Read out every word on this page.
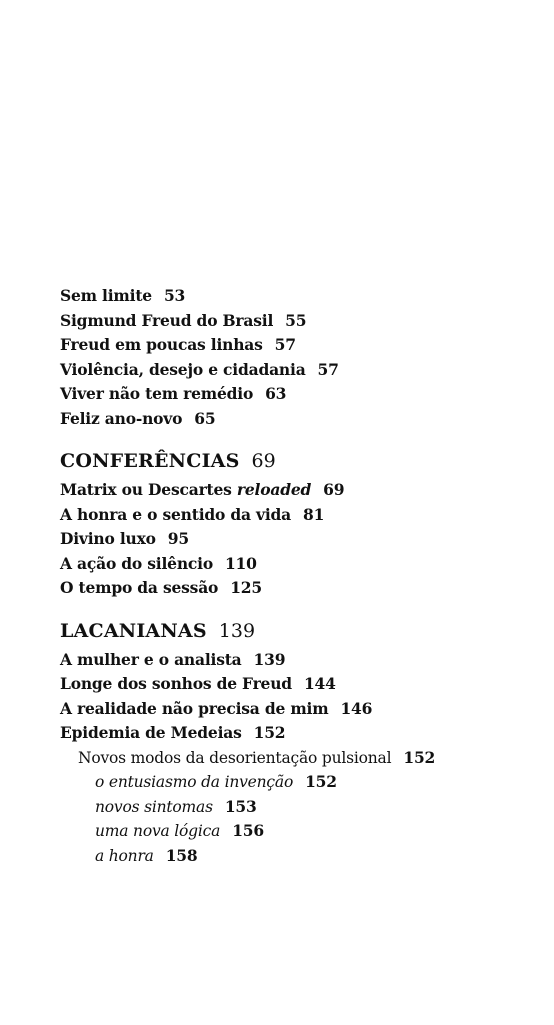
Sem limite 53
Sigmund Freud do Brasil 55
Freud em poucas linhas 57
Violência, desejo e cidadania 57
Viver não tem remédio 63
Feliz ano-novo 65
CONFERÊNCIAS 69
Matrix ou Descartes reloaded 69
A honra e o sentido da vida 81
Divino luxo 95
A ação do silêncio 110
O tempo da sessão 125
LACANIANAS 139
A mulher e o analista 139
Longe dos sonhos de Freud 144
A realidade não precisa de mim 146
Epidemia de Medeias 152
Novos modos da desorientação pulsional 152
o entusiasmo da invenção 152
novos sintomas 153
uma nova lógica 156
a honra 158
